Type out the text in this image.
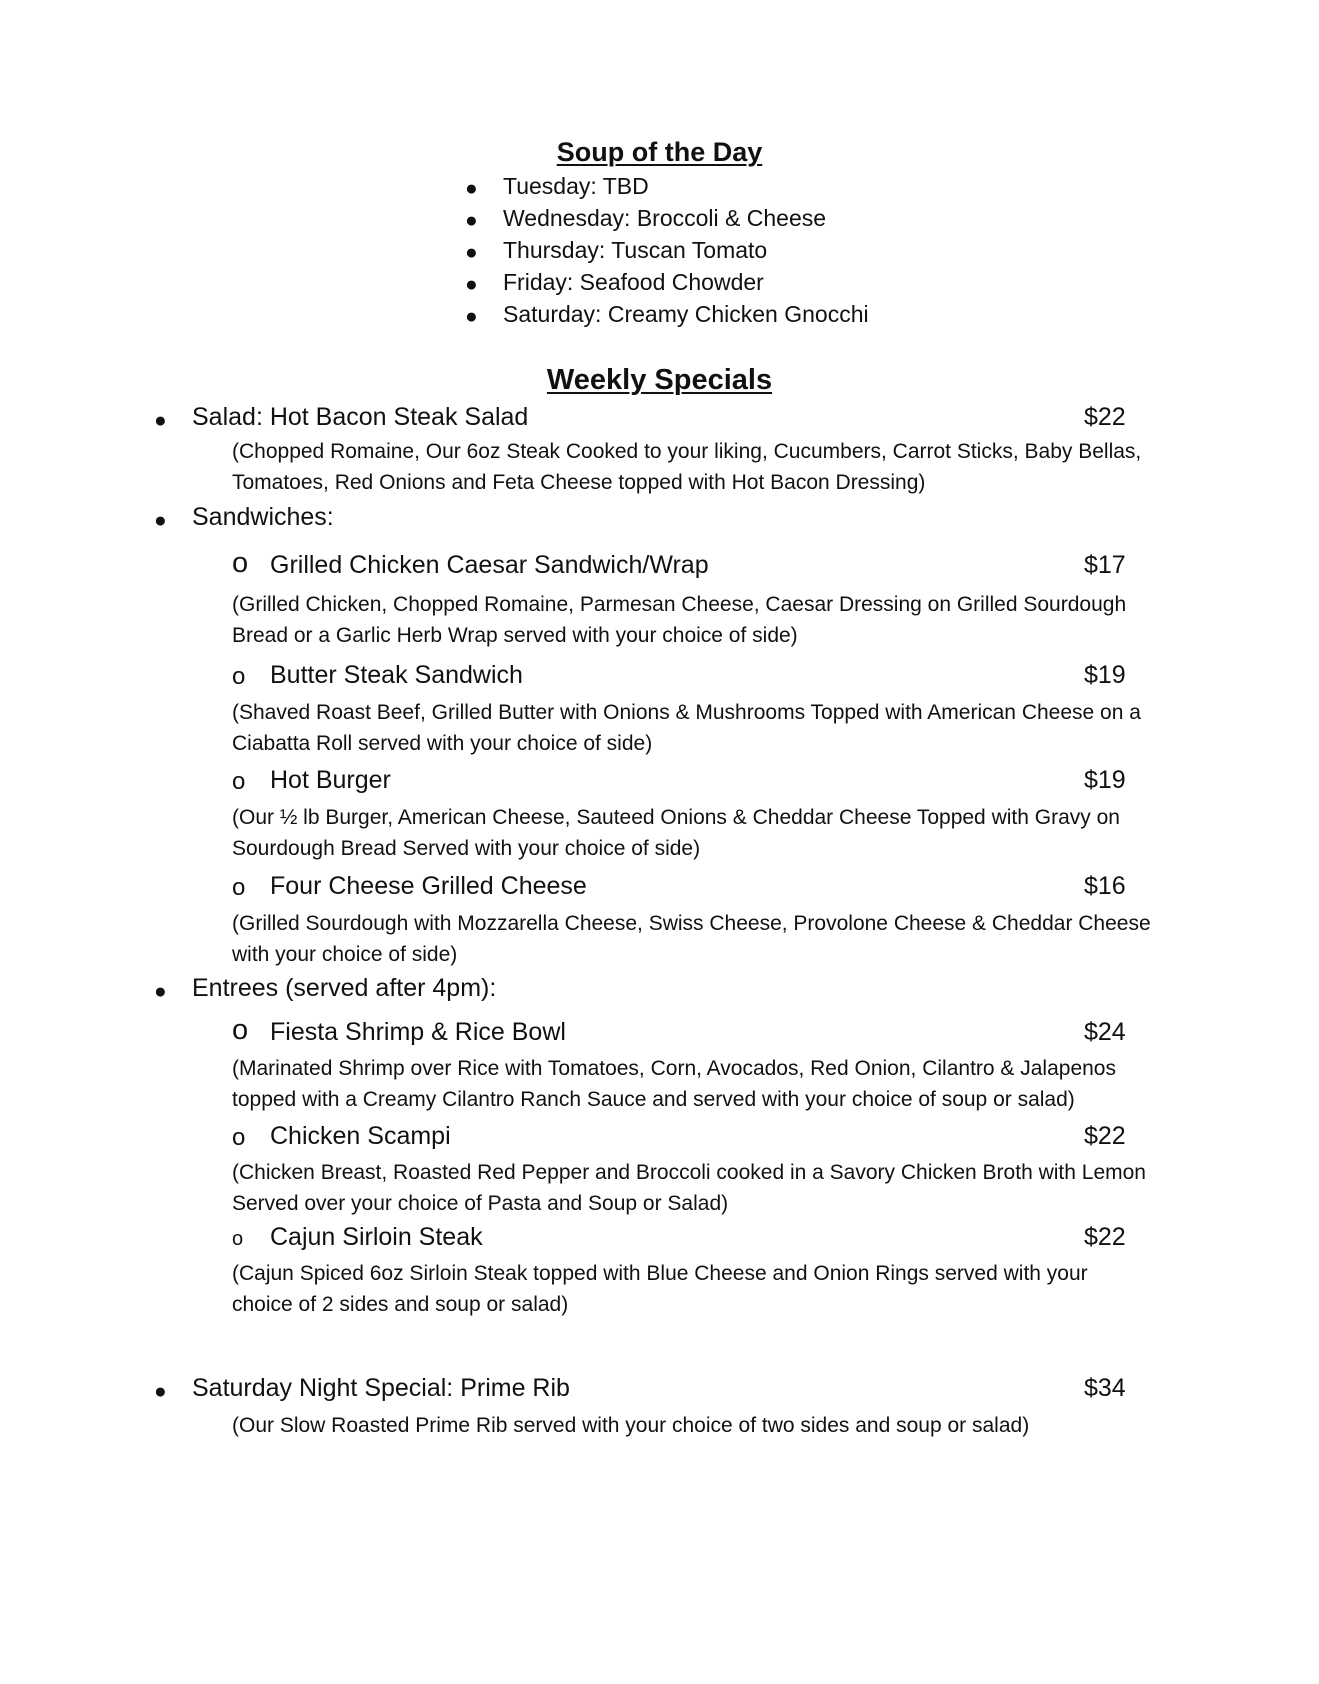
Soup of the Day
● Tuesday: TBD
● Wednesday: Broccoli & Cheese
● Thursday: Tuscan Tomato
● Friday: Seafood Chowder
● Saturday: Creamy Chicken Gnocchi
Weekly Specials
● Salad: Hot Bacon Steak Salad	$22
(Chopped Romaine, Our 6oz Steak Cooked to your liking, Cucumbers, Carrot Sticks, Baby Bellas, Tomatoes, Red Onions and Feta Cheese topped with Hot Bacon Dressing)
● Sandwiches:
o Grilled Chicken Caesar Sandwich/Wrap	$17
(Grilled Chicken, Chopped Romaine, Parmesan Cheese, Caesar Dressing on Grilled Sourdough Bread or a Garlic Herb Wrap served with your choice of side)
o Butter Steak Sandwich	$19
(Shaved Roast Beef, Grilled Butter with Onions & Mushrooms Topped with American Cheese on a Ciabatta Roll served with your choice of side)
o Hot Burger	$19
(Our ½ lb Burger, American Cheese, Sauteed Onions & Cheddar Cheese Topped with Gravy on Sourdough Bread Served with your choice of side)
o Four Cheese Grilled Cheese	$16
(Grilled Sourdough with Mozzarella Cheese, Swiss Cheese, Provolone Cheese & Cheddar Cheese with your choice of side)
● Entrees (served after 4pm):
o Fiesta Shrimp & Rice Bowl	$24
(Marinated Shrimp over Rice with Tomatoes, Corn, Avocados, Red Onion, Cilantro & Jalapenos topped with a Creamy Cilantro Ranch Sauce and served with your choice of soup or salad)
o Chicken Scampi	$22
(Chicken Breast, Roasted Red Pepper and Broccoli cooked in a Savory Chicken Broth with Lemon Served over your choice of Pasta and Soup or Salad)
o Cajun Sirloin Steak	$22
(Cajun Spiced 6oz Sirloin Steak topped with Blue Cheese and Onion Rings served with your choice of 2 sides and soup or salad)
● Saturday Night Special: Prime Rib	$34
(Our Slow Roasted Prime Rib served with your choice of two sides and soup or salad)
